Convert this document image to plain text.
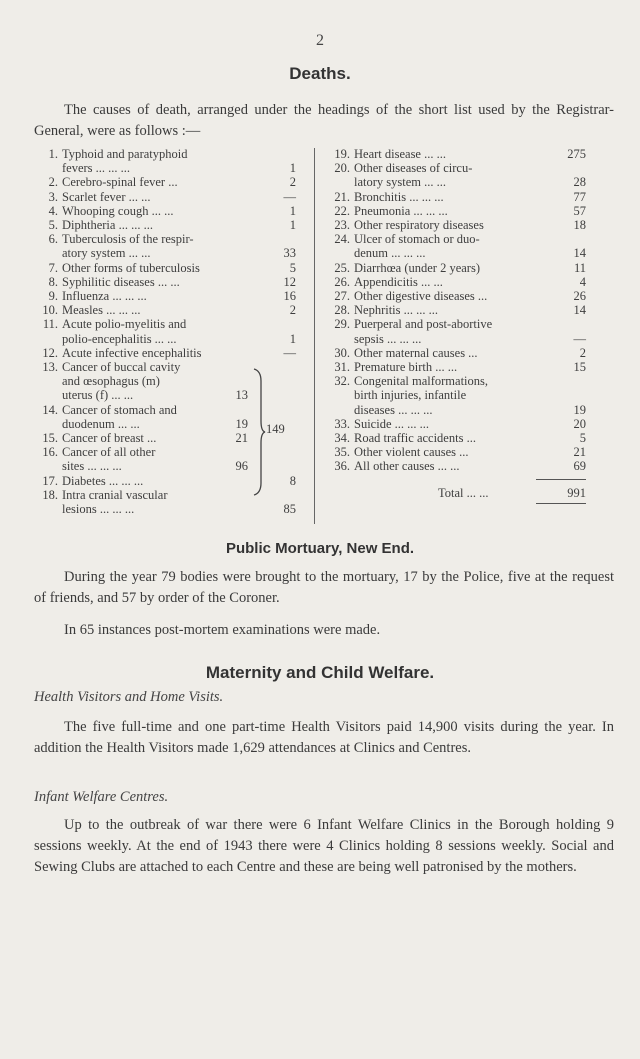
2
Deaths.
The causes of death, arranged under the headings of the short list used by the Registrar-General, were as follows :—
1. Typhoid and paratyphoid
fevers ... ... ...	1
2. Cerebro-spinal fever ...	2
3. Scarlet fever ... ...	—
4. Whooping cough ... ...	1
5. Diphtheria ... ... ...	1
6. Tuberculosis of the respir-
atory system ... ...	33
7. Other forms of tuberculosis	5
8. Syphilitic diseases ... ...	12
9. Influenza ... ... ...	16
10. Measles ... ... ...	2
11. Acute polio-myelitis and
polio-encephalitis ... ...	1
12. Acute infective encephalitis	—
13. Cancer of buccal cavity
and œsophagus (m)
uterus (f) ... ...	13
14. Cancer of stomach and
duodenum ... ...	19
15. Cancer of breast ...	21
16. Cancer of all other
sites ... ... ...	96
149
17. Diabetes ... ... ...	8
18. Intra cranial vascular
lesions ... ... ...	85
19. Heart disease ... ...	275
20. Other diseases of circu-
latory system ... ...	28
21. Bronchitis ... ... ...	77
22. Pneumonia ... ... ...	57
23. Other respiratory diseases	18
24. Ulcer of stomach or duo-
denum ... ... ...	14
25. Diarrhœa (under 2 years)	11
26. Appendicitis ... ...	4
27. Other digestive diseases ...	26
28. Nephritis ... ... ...	14
29. Puerperal and post-abortive
sepsis ... ... ...	—
30. Other maternal causes ...	2
31. Premature birth ... ...	15
32. Congenital malformations,
birth injuries, infantile
diseases ... ... ...	19
33. Suicide ... ... ...	20
34. Road traffic accidents ...	5
35. Other violent causes ...	21
36. All other causes ... ...	69
Total ... ...	991
Public Mortuary, New End.
During the year 79 bodies were brought to the mortuary, 17 by the Police, five at the request of friends, and 57 by order of the Coroner.
In 65 instances post-mortem examinations were made.
Maternity and Child Welfare.
Health Visitors and Home Visits.
The five full-time and one part-time Health Visitors paid 14,900 visits during the year. In addition the Health Visitors made 1,629 attendances at Clinics and Centres.
Infant Welfare Centres.
Up to the outbreak of war there were 6 Infant Welfare Clinics in the Borough holding 9 sessions weekly. At the end of 1943 there were 4 Clinics holding 8 sessions weekly. Social and Sewing Clubs are attached to each Centre and these are being well patronised by the mothers.
